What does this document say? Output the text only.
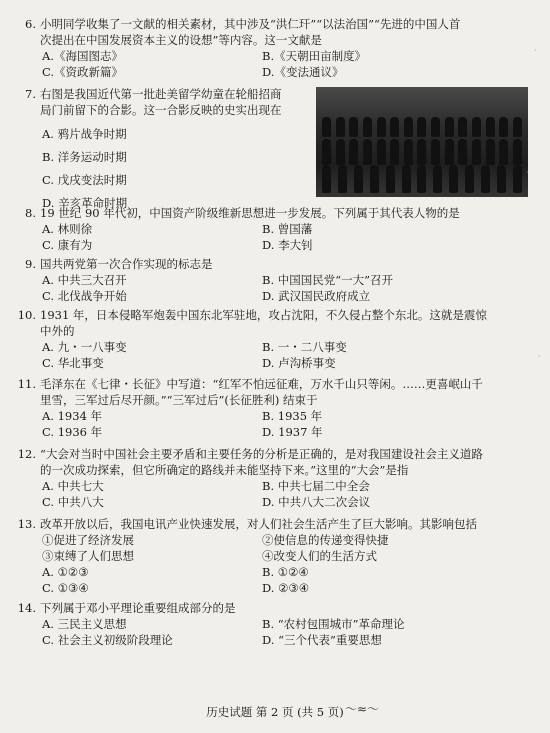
6. 小明同学收集了一文献的相关素材，其中涉及“洪仁玕”“以法治国”“先进的中国人首
次提出在中国发展资本主义的设想”等内容。这一文献是
A.《海国图志》	B.《天朝田亩制度》
C.《资政新篇》	D.《变法通议》
7. 右图是我国近代第一批赴美留学幼童在轮船招商
局门前留下的合影。这一合影反映的史实出现在
A. 鸦片战争时期
B. 洋务运动时期
C. 戊戌变法时期
D. 辛亥革命时期
8. 19 世纪 90 年代初，中国资产阶级维新思想进一步发展。下列属于其代表人物的是
A. 林则徐	B. 曾国藩
C. 康有为	D. 李大钊
9. 国共两党第一次合作实现的标志是
A. 中共三大召开	B. 中国国民党“一大”召开
C. 北伐战争开始	D. 武汉国民政府成立
10. 1931 年，日本侵略军炮轰中国东北军驻地，攻占沈阳，不久侵占整个东北。这就是震惊
中外的
A. 九・一八事变	B. 一・二八事变
C. 华北事变	D. 卢沟桥事变
11. 毛泽东在《七律・长征》中写道：“红军不怕远征难，万水千山只等闲。……更喜岷山千
里雪，三军过后尽开颜。”“三军过后”(长征胜利) 结束于
A. 1934 年	B. 1935 年
C. 1936 年	D. 1937 年
12. “大会对当时中国社会主要矛盾和主要任务的分析是正确的，是对我国建设社会主义道路
的一次成功探索，但它所确定的路线并未能坚持下来。”这里的“大会”是指
A. 中共七大	B. 中共七届二中全会
C. 中共八大	D. 中共八大二次会议
13. 改革开放以后，我国电讯产业快速发展，对人们社会生活产生了巨大影响。其影响包括
①促进了经济发展	②使信息的传递变得快捷
③束缚了人们思想	④改变人们的生活方式
A. ①②③	B. ①②④
C. ①③④	D. ②③④
14. 下列属于邓小平理论重要组成部分的是
A. 三民主义思想	B. “农村包围城市”革命理论
C. 社会主义初级阶段理论	D. “三个代表”重要思想
历史试题 第 2 页 (共 5 页) ～≈～
·
·
·
